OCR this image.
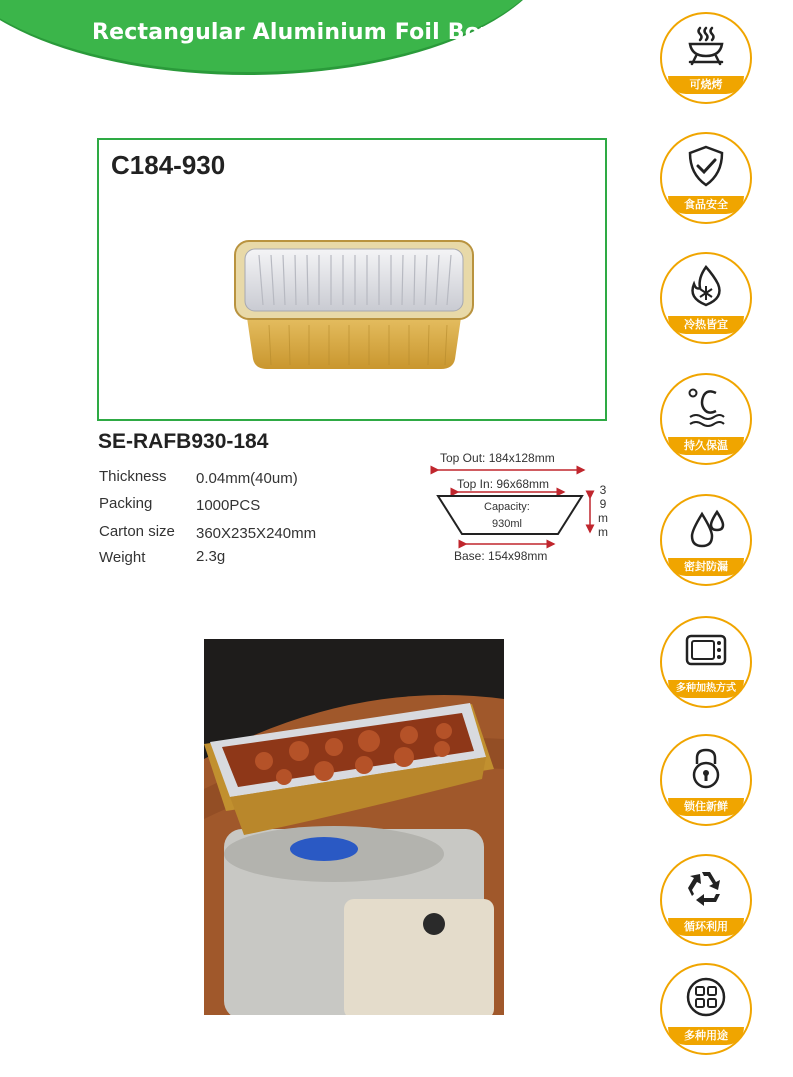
Rectangular Aluminium Foil Bowl
C184-930
SE-RAFB930-184
Thickness 0.04mm(40um)
Packing	1000PCS
Carton size 360X235X240mm
Weight	2.3g
Top Out: 184x128mm
Top In: 96x68mm
Capacity:
930ml
Base: 154x98mm
3
9
m
m
可烧烤
食品安全
冷热皆宜
持久保温
密封防漏
多种加热方式
锁住新鲜
循环利用
多种用途
